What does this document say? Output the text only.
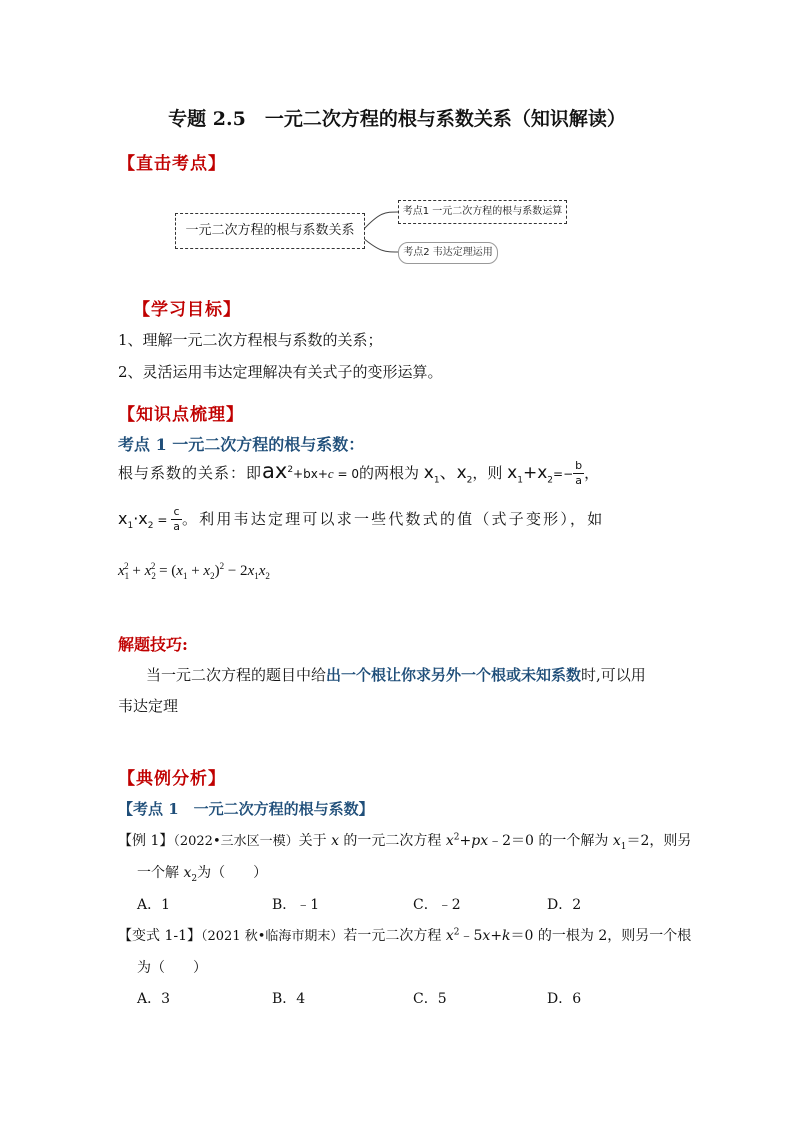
专题 2.5　一元二次方程的根与系数关系（知识解读）
【直击考点】
一元二次方程的根与系数关系
考点1 一元二次方程的根与系数运算
考点2 韦达定理运用
【学习目标】
1、理解一元二次方程根与系数的关系；
2、灵活运用韦达定理解决有关式子的变形运算。
【知识点梳理】
考点 1 一元二次方程的根与系数：
根与系数的关系：即$ax^2+bx+c = 0$的两根为 $x_1$、$x_2$，则 $x_1+x_2=- \frac{b}{a}$ ，
$x_1\cdot x_2 = \frac{c}{a}$ 。利用韦达定理可以求一些代数式的值（式子变形），如
$x_1^2 + x_2^2 = (x_1 + x_2)^2 - 2x_1x_2$
解题技巧:
当一元二次方程的题目中给出一个根让你求另外一个根或未知系数时,可以用
韦达定理
【典例分析】
【考点 1　一元二次方程的根与系数】
【例 1】（2022•三水区一模）关于 x 的一元二次方程 $x^2+px﹣2=0$ 的一个解为 $x_1=2$，则另
一个解 $x_2$为（　　）
A．1	B．﹣1	C．﹣2	D．2
【变式 1-1】（2021 秋•临海市期末）若一元二次方程 $x^2﹣5x+k=0$ 的一根为 2，则另一个根
为（　　）
A．3	B．4	C．5	D．6
